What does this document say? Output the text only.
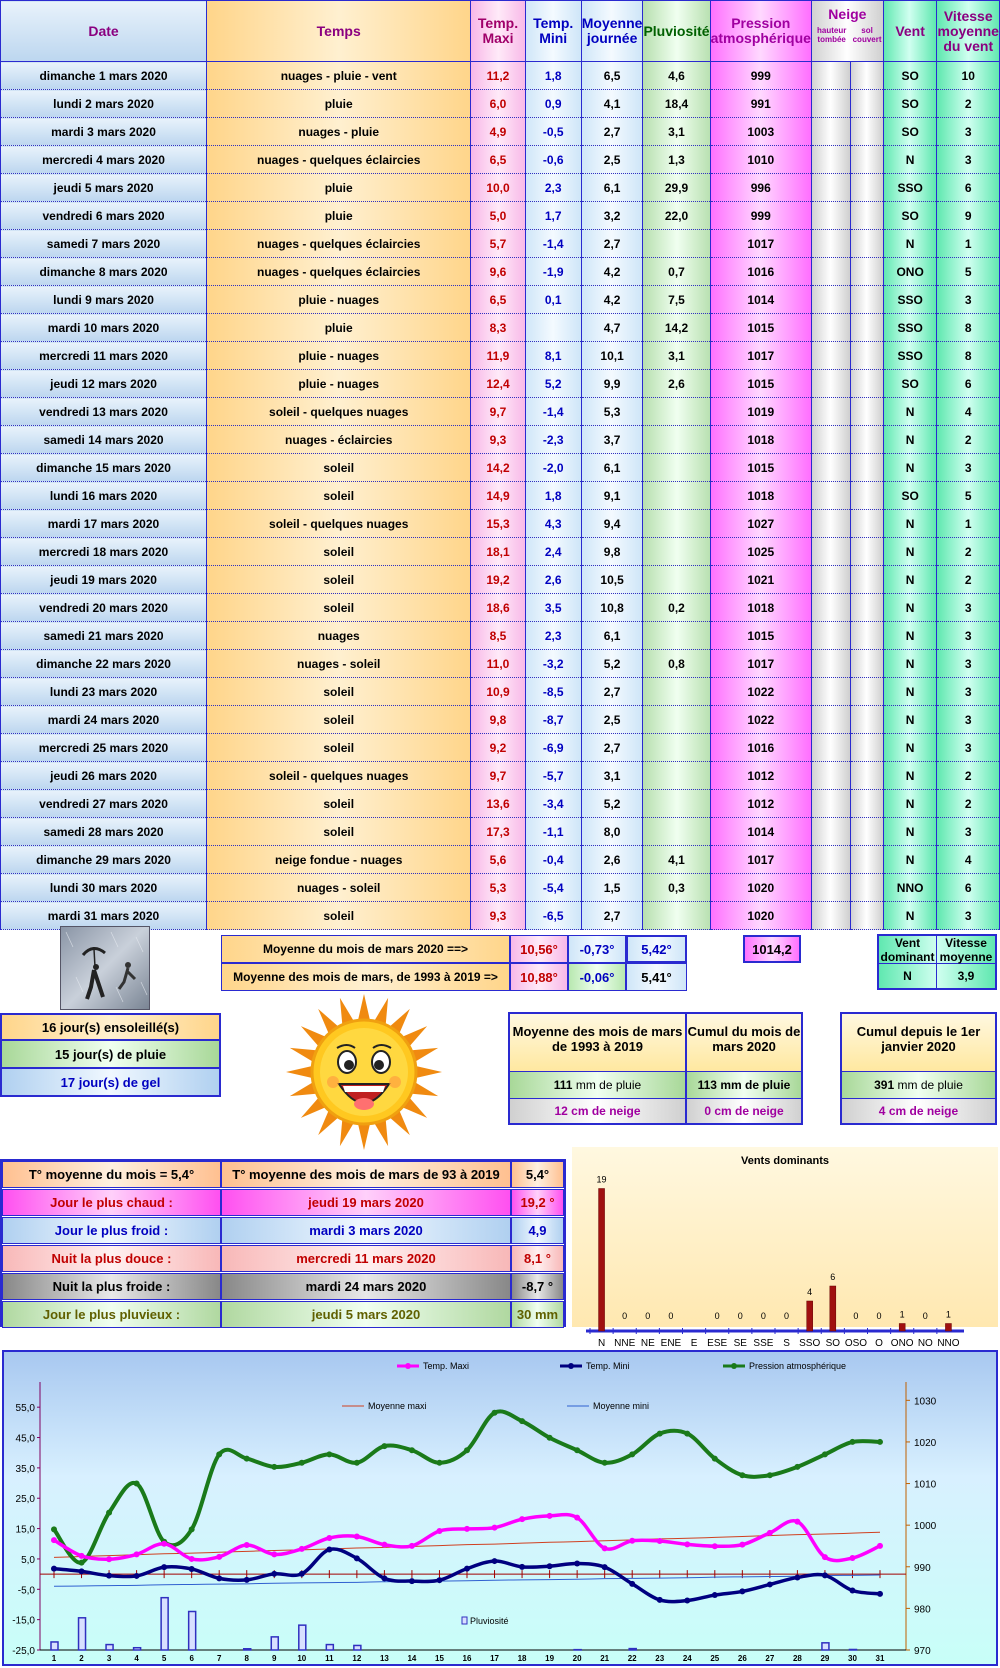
Date	Temps	Temp. Maxi	Temp. Mini	Moyenne journée	Pluviosité	Pression atmosphérique	Neige
hauteur tombée
sol couvert		Vent	Vitesse moyenne du vent
dimanche 1 mars 2020	nuages - pluie - vent	11,2	1,8	6,5	4,6	999			SO	10
lundi 2 mars 2020	pluie	6,0	0,9	4,1	18,4	991			SO	2
mardi 3 mars 2020	nuages - pluie	4,9	-0,5	2,7	3,1	1003			SO	3
mercredi 4 mars 2020	nuages - quelques éclaircies	6,5	-0,6	2,5	1,3	1010			N	3
jeudi 5 mars 2020	pluie	10,0	2,3	6,1	29,9	996			SSO	6
vendredi 6 mars 2020	pluie	5,0	1,7	3,2	22,0	999			SO	9
samedi 7 mars 2020	nuages - quelques éclaircies	5,7	-1,4	2,7		1017			N	1
dimanche 8 mars 2020	nuages - quelques éclaircies	9,6	-1,9	4,2	0,7	1016			ONO	5
lundi 9 mars 2020	pluie - nuages	6,5	0,1	4,2	7,5	1014			SSO	3
mardi 10 mars 2020	pluie	8,3		4,7	14,2	1015			SSO	8
mercredi 11 mars 2020	pluie - nuages	11,9	8,1	10,1	3,1	1017			SSO	8
jeudi 12 mars 2020	pluie - nuages	12,4	5,2	9,9	2,6	1015			SO	6
vendredi 13 mars 2020	soleil - quelques nuages	9,7	-1,4	5,3		1019			N	4
samedi 14 mars 2020	nuages - éclaircies	9,3	-2,3	3,7		1018			N	2
dimanche 15 mars 2020	soleil	14,2	-2,0	6,1		1015			N	3
lundi 16 mars 2020	soleil	14,9	1,8	9,1		1018			SO	5
mardi 17 mars 2020	soleil - quelques nuages	15,3	4,3	9,4		1027			N	1
mercredi 18 mars 2020	soleil	18,1	2,4	9,8		1025			N	2
jeudi 19 mars 2020	soleil	19,2	2,6	10,5		1021			N	2
vendredi 20 mars 2020	soleil	18,6	3,5	10,8	0,2	1018			N	3
samedi 21 mars 2020	nuages	8,5	2,3	6,1		1015			N	3
dimanche 22 mars 2020	nuages - soleil	11,0	-3,2	5,2	0,8	1017			N	3
lundi 23 mars 2020	soleil	10,9	-8,5	2,7		1022			N	3
mardi 24 mars 2020	soleil	9,8	-8,7	2,5		1022			N	3
mercredi 25 mars 2020	soleil	9,2	-6,9	2,7		1016			N	3
jeudi 26 mars 2020	soleil - quelques nuages	9,7	-5,7	3,1		1012			N	2
vendredi 27 mars 2020	soleil	13,6	-3,4	5,2		1012			N	2
samedi 28 mars 2020	soleil	17,3	-1,1	8,0		1014			N	3
dimanche 29 mars 2020	neige fondue - nuages	5,6	-0,4	2,6	4,1	1017			N	4
lundi 30 mars 2020	nuages - soleil	5,3	-5,4	1,5	0,3	1020			NNO	6
mardi 31 mars 2020	soleil	9,3	-6,5	2,7		1020			N	3
Moyenne du mois de mars 2020 ==>	10,56°	-0,73°	5,42°
Moyenne des mois de mars, de 1993 à 2019 =>	10,88°	-0,06°	5,41°
1014,2	Vent dominant
Vitesse moyenne
N	3,9
16 jour(s) ensoleillé(s)
15 jour(s) de pluie
17 jour(s) de gel
Moyenne des mois de mars de 1993 à 2019
Cumul du mois de mars 2020
111
mm de pluie	113 mm
de pluie
12
cm de neige	0 cm de neige
Cumul depuis le 1er janvier 2020
391
mm de pluie
4
cm de neige
T° moyenne du mois = 5,4°	T° moyenne des mois de mars de 93 à 2019	5,4°
Jour le plus chaud :	jeudi 19 mars 2020	19,2 °
Jour le plus froid :	mardi 3 mars 2020	4,9
Nuit la plus douce :	mercredi 11 mars 2020	8,1 °
Nuit la plus froide :	mardi 24 mars 2020	-8,7 °
Jour le plus pluvieux :	jeudi 5 mars 2020	30 mm
Vents dominants
N
19
NNE
0
NE
0
ENE
0
E ESE
0
SE
0
SSE
0
S
0
SSO
4
SO
6
OSO
0
O
0
ONO
1
NO
0
NNO
1
55,0
45,0
35,0
25,0
15,0
5,0
-5,0
-15,0
-25,0
1030
1020
1010
1000
990
980
970
1	2	3	4	5	6	7	8	9	10 11 12 13 14 15 16 17 18 19 20 21 22 23 24 25 26 27 28 29 30 31
Temp. Maxi	Temp. Mini	Pression atmosphérique
Moyenne maxi	Moyenne mini
Pluviosité
